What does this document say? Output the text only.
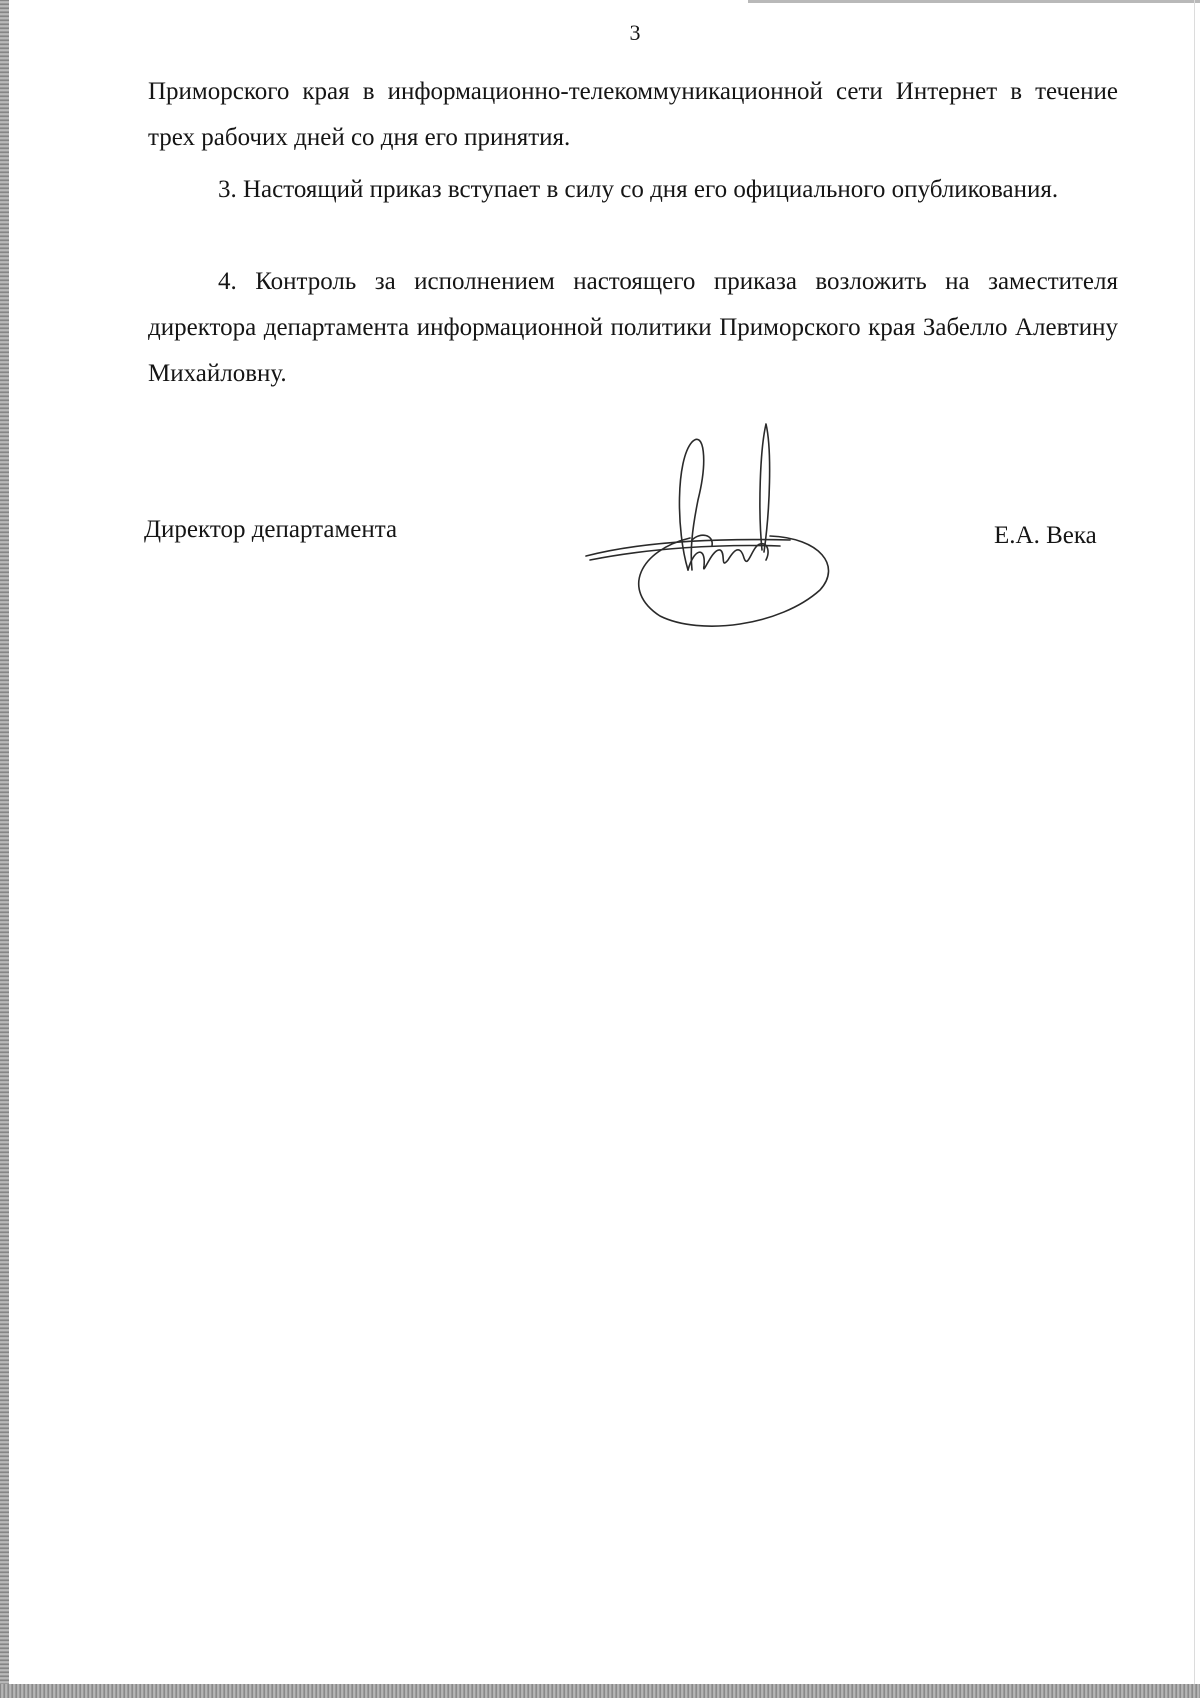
3

Приморского края в информационно-телекоммуникационной сети Интернет в течение трех рабочих дней со дня его принятия.

3. Настоящий приказ вступает в силу со дня его официального опубликования.

4. Контроль за исполнением настоящего приказа возложить на заместителя директора департамента информационной политики Приморского края Забелло Алевтину Михайловну.

Директор департамента	Е.А. Века
